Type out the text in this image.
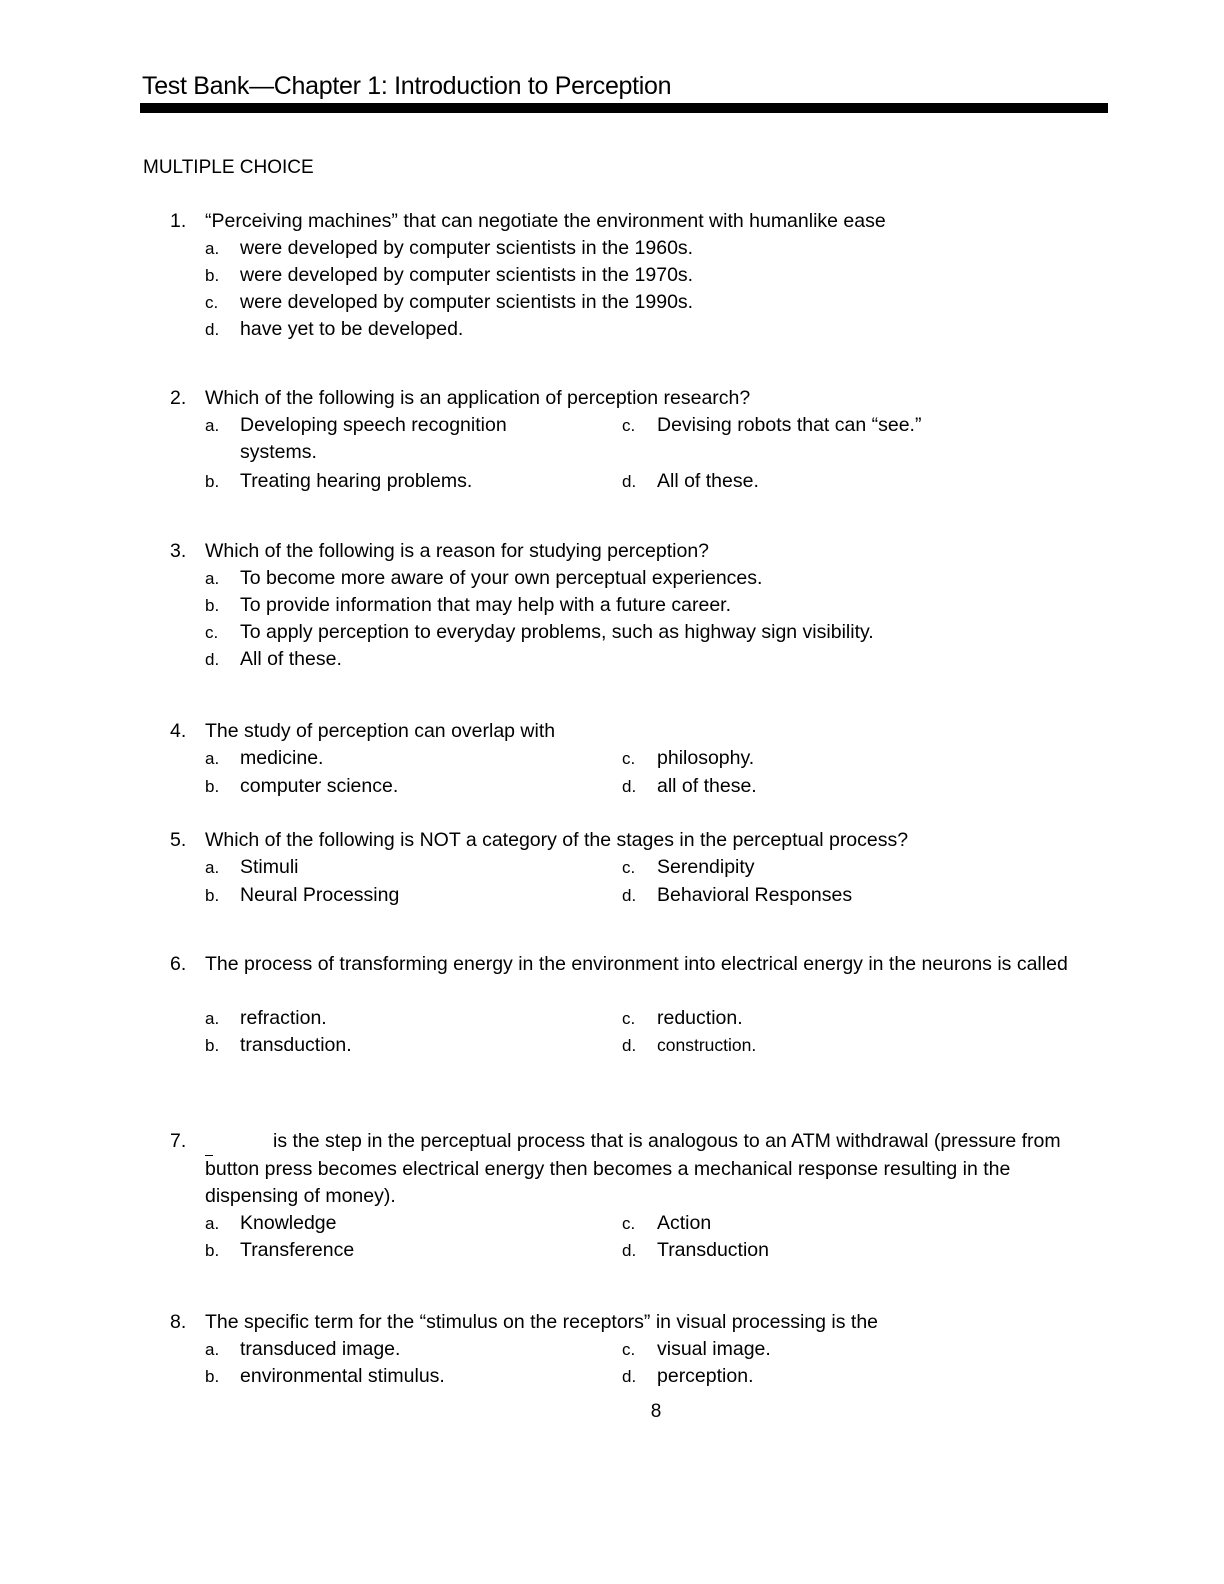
Test Bank—Chapter 1: Introduction to Perception
MULTIPLE CHOICE
1. “Perceiving machines” that can negotiate the environment with humanlike ease
a. were developed by computer scientists in the 1960s.
b. were developed by computer scientists in the 1970s.
c. were developed by computer scientists in the 1990s.
d. have yet to be developed.
2. Which of the following is an application of perception research?
a. Developing speech recognition systems.
b. Treating hearing problems.
c. Devising robots that can “see.”
d. All of these.
3. Which of the following is a reason for studying perception?
a. To become more aware of your own perceptual experiences.
b. To provide information that may help with a future career.
c. To apply perception to everyday problems, such as highway sign visibility.
d. All of these.
4. The study of perception can overlap with
a. medicine.
b. computer science.
c. philosophy.
d. all of these.
5. Which of the following is NOT a category of the stages in the perceptual process?
a. Stimuli
b. Neural Processing
c. Serendipity
d. Behavioral Responses
6. The process of transforming energy in the environment into electrical energy in the neurons is called
a. refraction.
b. transduction.
c. reduction.
d. construction.
7.	is the step in the perceptual process that is analogous to an ATM withdrawal (pressure from button press becomes electrical energy then becomes a mechanical response resulting in the dispensing of money).
a. Knowledge
b. Transference
c. Action
d. Transduction
8. The specific term for the “stimulus on the receptors” in visual processing is the
a. transduced image.
b. environmental stimulus.
c. visual image.
d. perception.
8
